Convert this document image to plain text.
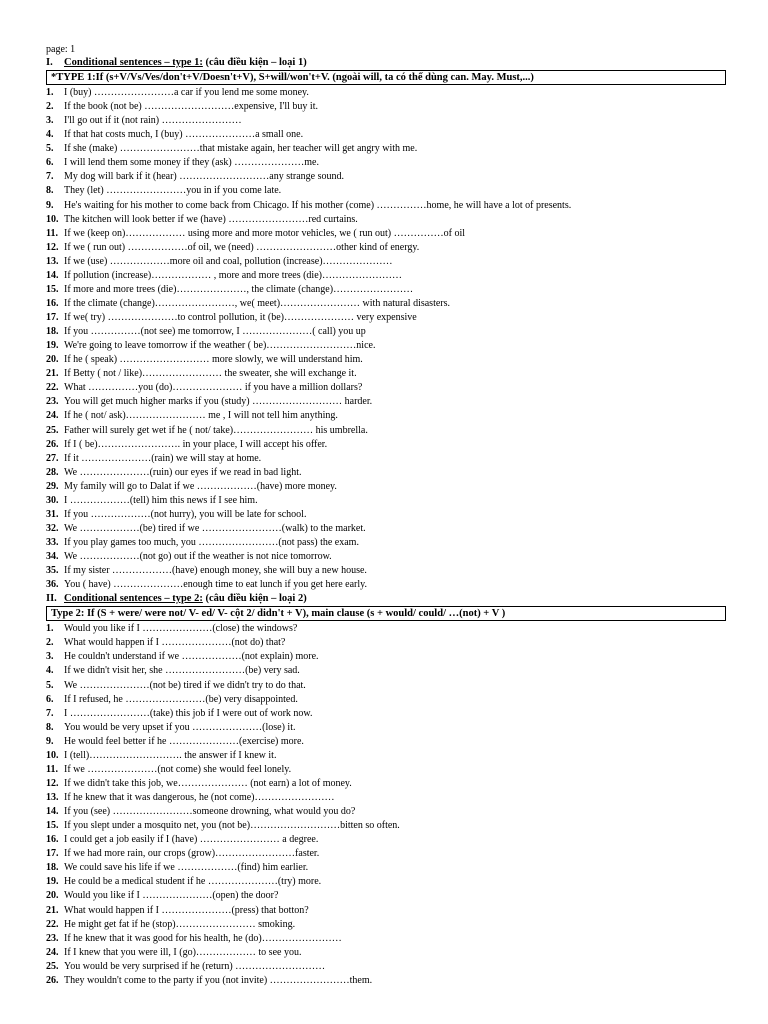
page: 1
I. Conditional sentences – type 1: (câu điều kiện – loại 1)
*TYPE 1:If (s+V/Vs/Ves/don't+V/Doesn't+V), S+will/won't+V. (ngoài will, ta có thể dùng can. May. Must,...)
1. I (buy) ……………………a car if you lend me some money.
2. If the book (not be) ………………………expensive, I'll buy it.
3. I'll go out if it (not rain) ……………………
4. If that hat costs much, I (buy) …………………a small one.
5. If she (make) ……………………that mistake again, her teacher will get angry with me.
6. I will lend them some money if they (ask) …………………me.
7. My dog will bark if it (hear) ………………………any strange sound.
8. They (let) ……………………you in if you come late.
9. He's waiting for his mother to come back from Chicago. If his mother (come) ……………home, he will have a lot of presents.
10. The kitchen will look better if we (have) ……………………red curtains.
11. If we (keep on)……………… using more and more motor vehicles, we ( run out) ……………of oil
12. If we ( run out) ………………of oil, we (need) ……………………other kind of energy.
13. If we (use) ………………more oil and coal, pollution (increase)…………………
14. If pollution (increase)……………… , more and more trees (die)……………………
15. If more and more trees (die)…………………, the climate (change)……………………
16. If the climate (change)……………………, we( meet)…………………… with natural disasters.
17. If we( try) …………………to control pollution, it (be)………………… very expensive
18. If you ……………(not see) me tomorrow, I …………………( call) you up
19. We're going to leave tomorrow if the weather ( be)………………………nice.
20. If he ( speak) ……………………… more slowly, we will understand him.
21. If Betty ( not / like)…………………… the sweater, she will exchange it.
22. What ……………you (do)………………… if you have a million dollars?
23. You will get much higher marks if you (study) ……………………… harder.
24. If he ( not/ ask)…………………… me , I will not tell him anything.
25. Father will surely get wet if he ( not/ take)…………………… his umbrella.
26. If I ( be)……………………. in your place, I will accept his offer.
27. If it …………………(rain) we will stay at home.
28. We …………………(ruin) our eyes if we read in bad light.
29. My family will go to Dalat if we ………………(have) more money.
30. I ………………(tell) him this news if I see him.
31. If you ………………(not hurry), you will be late for school.
32. We ………………(be) tired if we ……………………(walk) to the market.
33. If you play games too much, you ……………………(not pass) the exam.
34. We ………………(not go) out if the weather is not nice tomorrow.
35. If my sister ………………(have) enough money, she will buy a new house.
36. You ( have) …………………enough time to eat lunch if you get here early.
II. Conditional sentences – type 2: (câu điều kiện – loại 2)
Type 2: If (S + were/ were not/ V- ed/ V- cột 2/ didn't + V), main clause (s + would/ could/ …(not) + V )
1. Would you like if I …………………(close) the windows?
2. What would happen if I …………………(not do) that?
3. He couldn't understand if we ………………(not explain) more.
4. If we didn't visit her, she ……………………(be) very sad.
5. We …………………(not be) tired if we didn't try to do that.
6. If I refused, he ……………………(be) very disappointed.
7. I ……………………(take) this job if I were out of work now.
8. You would be very upset if you …………………(lose) it.
9. He would feel better if he …………………(exercise) more.
10. I (tell)………………………. the answer if I knew it.
11. If we …………………(not come) she would feel lonely.
12. If we didn't take this job, we………………… (not earn) a lot of money.
13. If he knew that it was dangerous, he (not come)……………………
14. If you (see) ……………………someone drowning, what would you do?
15. If you slept under a mosquito net, you (not be)………………………bitten so often.
16. I could get a job easily if I (have) …………………… a degree.
17. If we had more rain, our crops (grow)……………………faster.
18. We could save his life if we ………………(find) him earlier.
19. He could be a medical student if he …………………(try) more.
20. Would you like if I …………………(open) the door?
21. What would happen if I …………………(press) that botton?
22. He might get fat if he (stop)…………………… smoking.
23. If he knew that it was good for his health, he (do)……………………
24. If I knew that you were ill, I (go)……………… to see you.
25. You would be very surprised if he (return) ………………………
26. They wouldn't come to the party if you (not invite) ……………………them.
